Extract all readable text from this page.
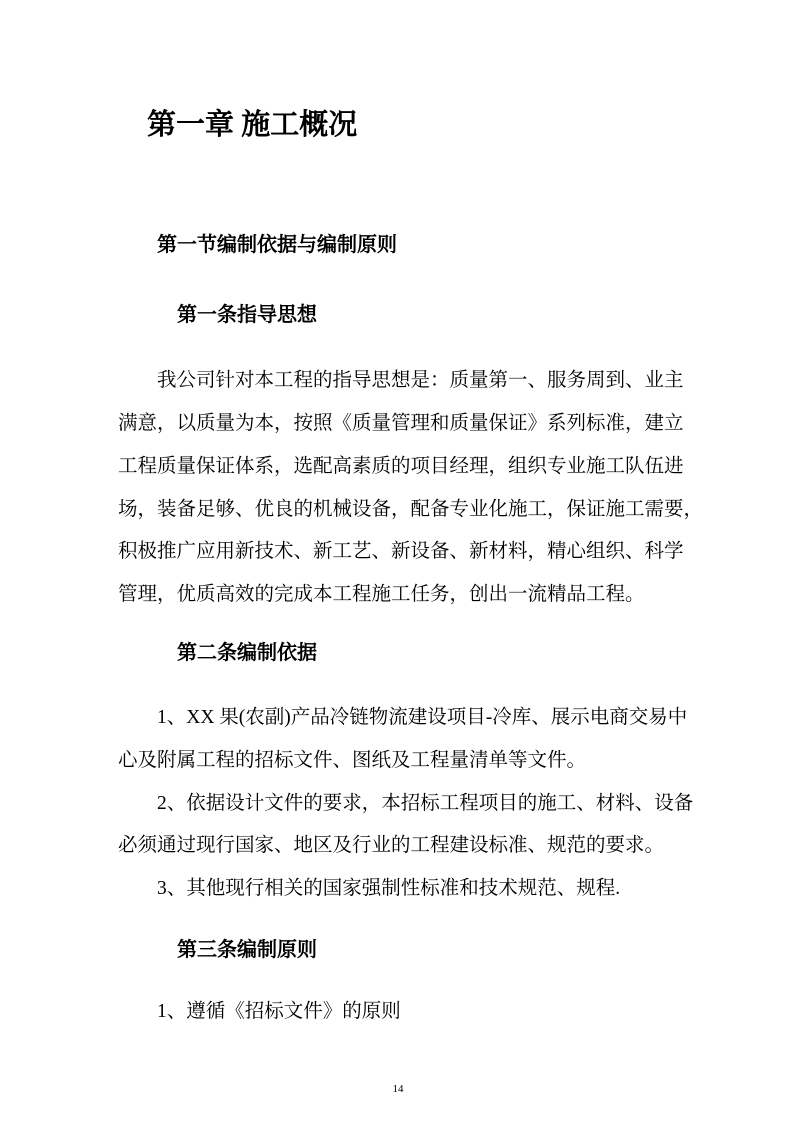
第一章 施工概况
第一节编制依据与编制原则
第一条指导思想
我公司针对本工程的指导思想是：质量第一、服务周到、业主
满意，以质量为本，按照《质量管理和质量保证》系列标准，建立
工程质量保证体系，选配高素质的项目经理，组织专业施工队伍进
场，装备足够、优良的机械设备，配备专业化施工，保证施工需要，
积极推广应用新技术、新工艺、新设备、新材料，精心组织、科学
管理，优质高效的完成本工程施工任务，创出一流精品工程。
第二条编制依据
1、XX 果(农副)产品冷链物流建设项目-冷库、展示电商交易中
心及附属工程的招标文件、图纸及工程量清单等文件。
2、依据设计文件的要求，本招标工程项目的施工、材料、设备
必须通过现行国家、地区及行业的工程建设标准、规范的要求。
3、其他现行相关的国家强制性标准和技术规范、规程.
第三条编制原则
1、遵循《招标文件》的原则
14
